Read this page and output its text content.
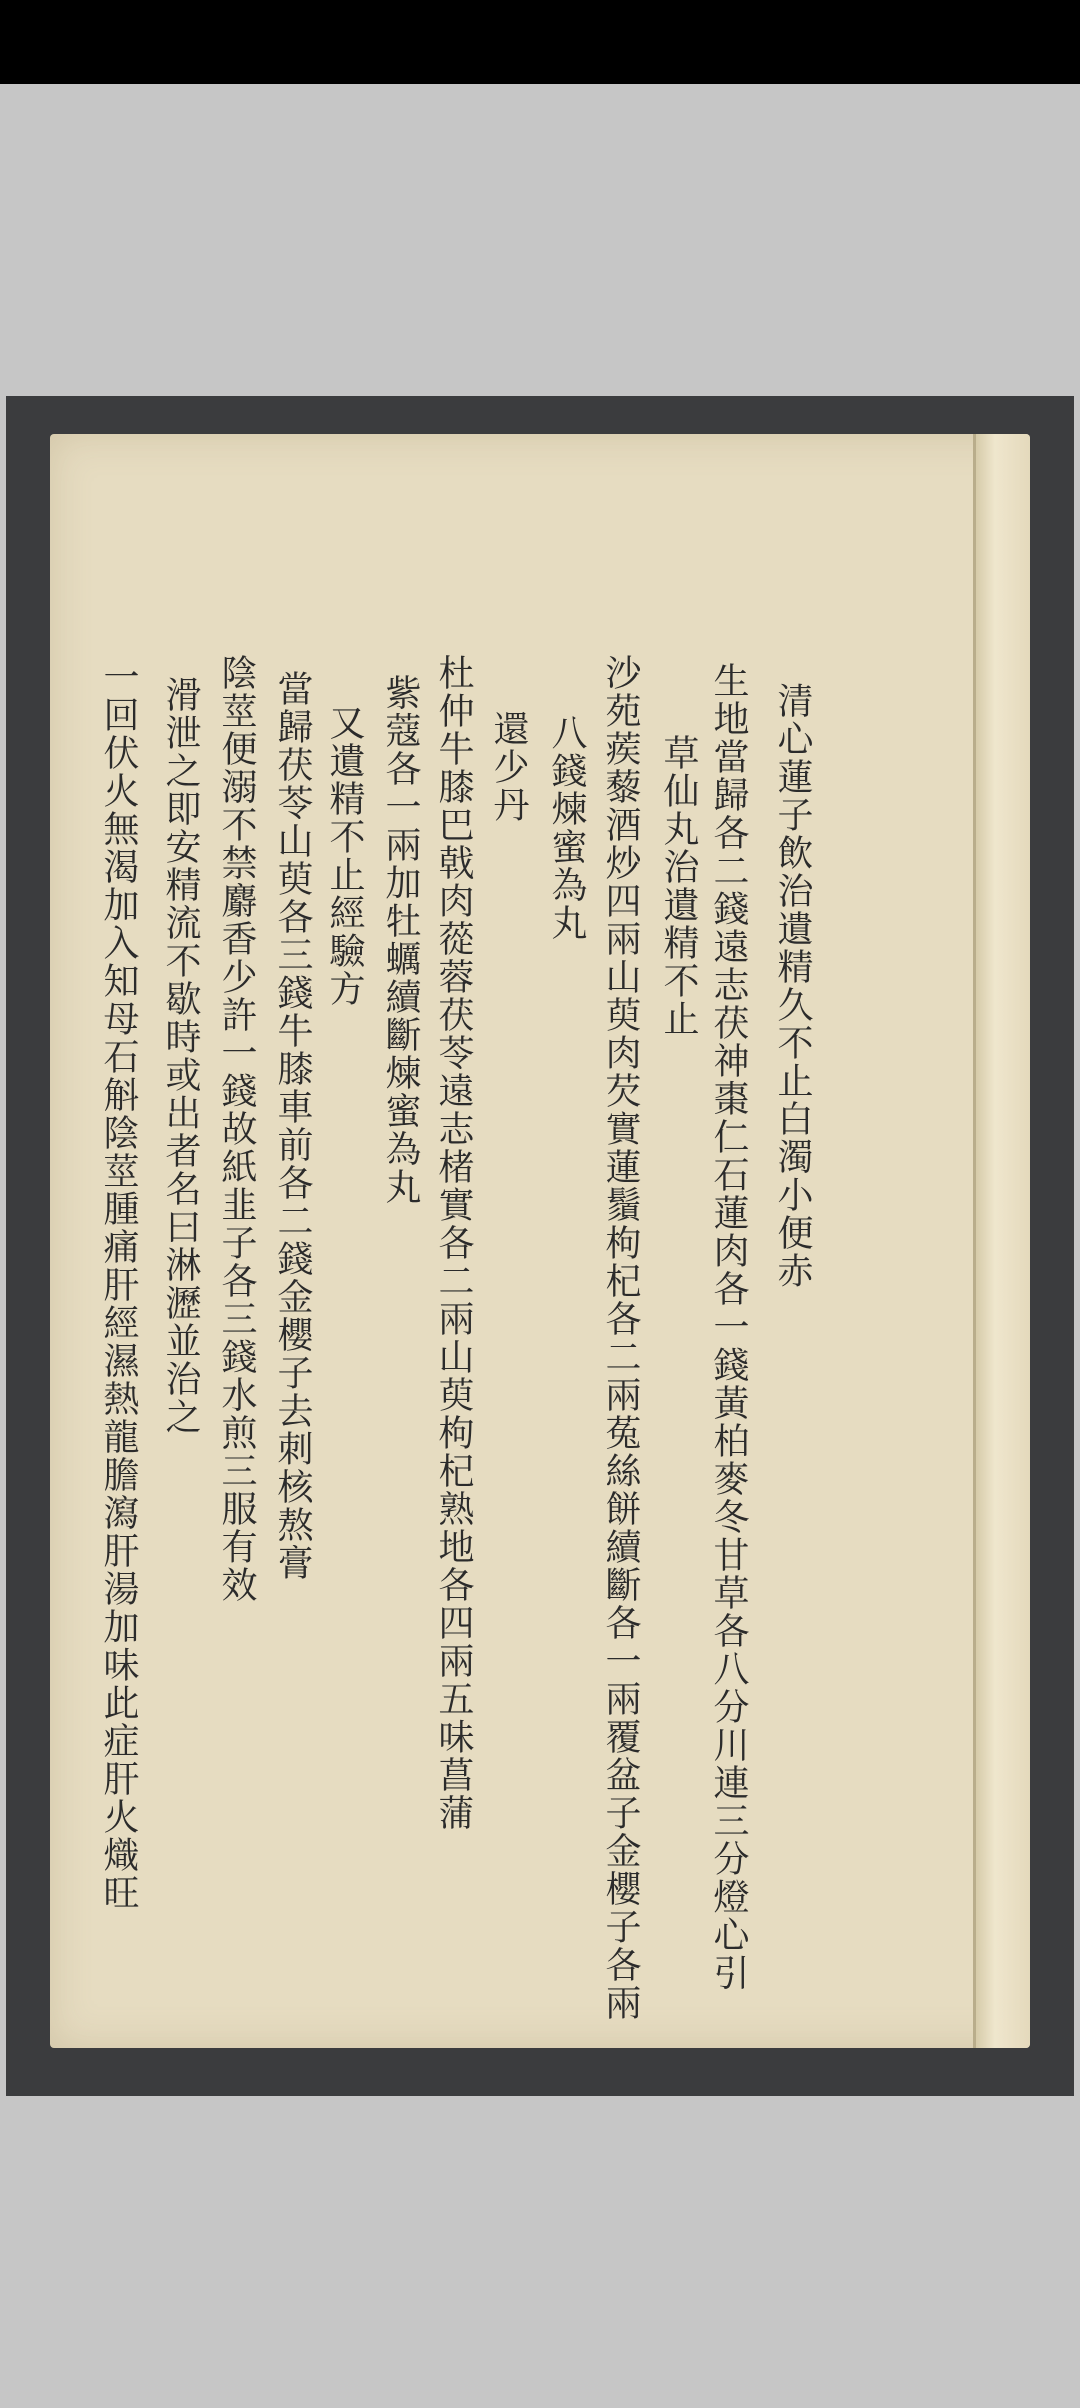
清心蓮子飲治遺精久不止白濁小便赤
生地當歸各二錢遠志茯神棗仁石蓮肉各一錢黃柏麥冬甘草各八分川連三分燈心引
草仙丸治遺精不止
沙苑蒺藜酒炒四兩山萸肉芡實蓮鬚枸杞各二兩菟絲餅續斷各一兩覆盆子金櫻子各兩
八錢煉蜜為丸
還少丹
杜仲牛膝巴戟肉蓯蓉茯苓遠志楮實各二兩山萸枸杞熟地各四兩五味菖蒲
紫蔻各一兩加牡蠣續斷煉蜜為丸
又遺精不止經驗方
當歸茯苓山萸各三錢牛膝車前各二錢金櫻子去刺核熬膏
陰莖便溺不禁麝香少許一錢故紙韭子各三錢水煎三服有效
滑泄之即安精流不歇時或出者名曰淋瀝並治之
一回伏火無渴加入知母石斛陰莖腫痛肝經濕熱龍膽瀉肝湯加味此症肝火熾旺
